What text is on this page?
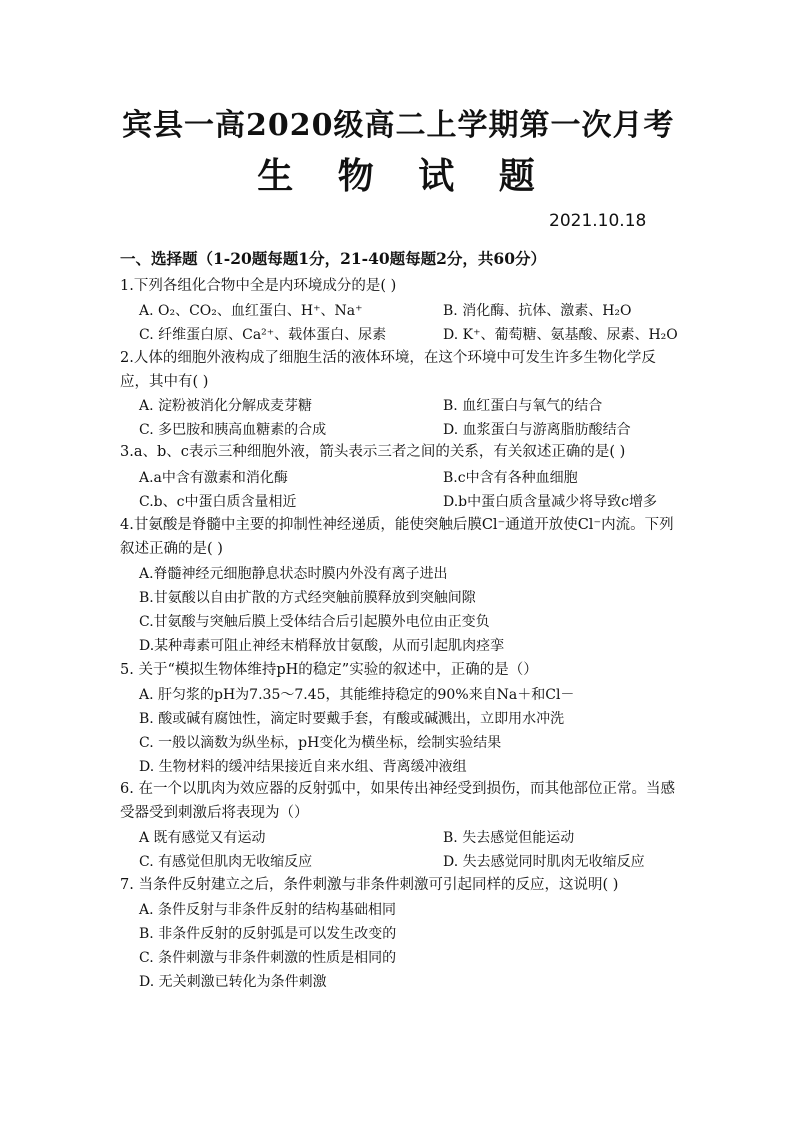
宾县一高2020级高二上学期第一次月考
生 物 试 题
2021.10.18
一、选择题（1-20题每题1分，21-40题每题2分，共60分）
1.下列各组化合物中全是内环境成分的是( )
A. O₂、CO₂、血红蛋白、H⁺、Na⁺	B. 消化酶、抗体、激素、H₂O
C. 纤维蛋白原、Ca²⁺、载体蛋白、尿素	D. K⁺、葡萄糖、氨基酸、尿素、H₂O
2.人体的细胞外液构成了细胞生活的液体环境，在这个环境中可发生许多生物化学反应，其中有( )
A. 淀粉被消化分解成麦芽糖	B. 血红蛋白与氧气的结合
C. 多巴胺和胰高血糖素的合成	D. 血浆蛋白与游离脂肪酸结合
3.a、b、c表示三种细胞外液，箭头表示三者之间的关系，有关叙述正确的是( )
A.a中含有激素和消化酶	B.c中含有各种血细胞
C.b、c中蛋白质含量相近	D.b中蛋白质含量减少将导致c增多
4.甘氨酸是脊髓中主要的抑制性神经递质，能使突触后膜Cl⁻通道开放使Cl⁻内流。下列叙述正确的是( )
A.脊髓神经元细胞静息状态时膜内外没有离子进出
B.甘氨酸以自由扩散的方式经突触前膜释放到突触间隙
C.甘氨酸与突触后膜上受体结合后引起膜外电位由正变负
D.某种毒素可阻止神经末梢释放甘氨酸，从而引起肌肉痉挛
5. 关于“模拟生物体维持pH的稳定”实验的叙述中，正确的是（）
A. 肝匀浆的pH为7.35～7.45，其能维持稳定的90%来自Na＋和Cl－
B. 酸或碱有腐蚀性，滴定时要戴手套，有酸或碱溅出，立即用水冲洗
C. 一般以滴数为纵坐标，pH变化为横坐标，绘制实验结果
D. 生物材料的缓冲结果接近自来水组、背离缓冲液组
6. 在一个以肌肉为效应器的反射弧中，如果传出神经受到损伤，而其他部位正常。当感受器受到刺激后将表现为（）
A 既有感觉又有运动	B. 失去感觉但能运动
C. 有感觉但肌肉无收缩反应	D. 失去感觉同时肌肉无收缩反应
7. 当条件反射建立之后，条件刺激与非条件刺激可引起同样的反应，这说明( )
A. 条件反射与非条件反射的结构基础相同
B. 非条件反射的反射弧是可以发生改变的
C. 条件刺激与非条件刺激的性质是相同的
D. 无关刺激已转化为条件刺激
